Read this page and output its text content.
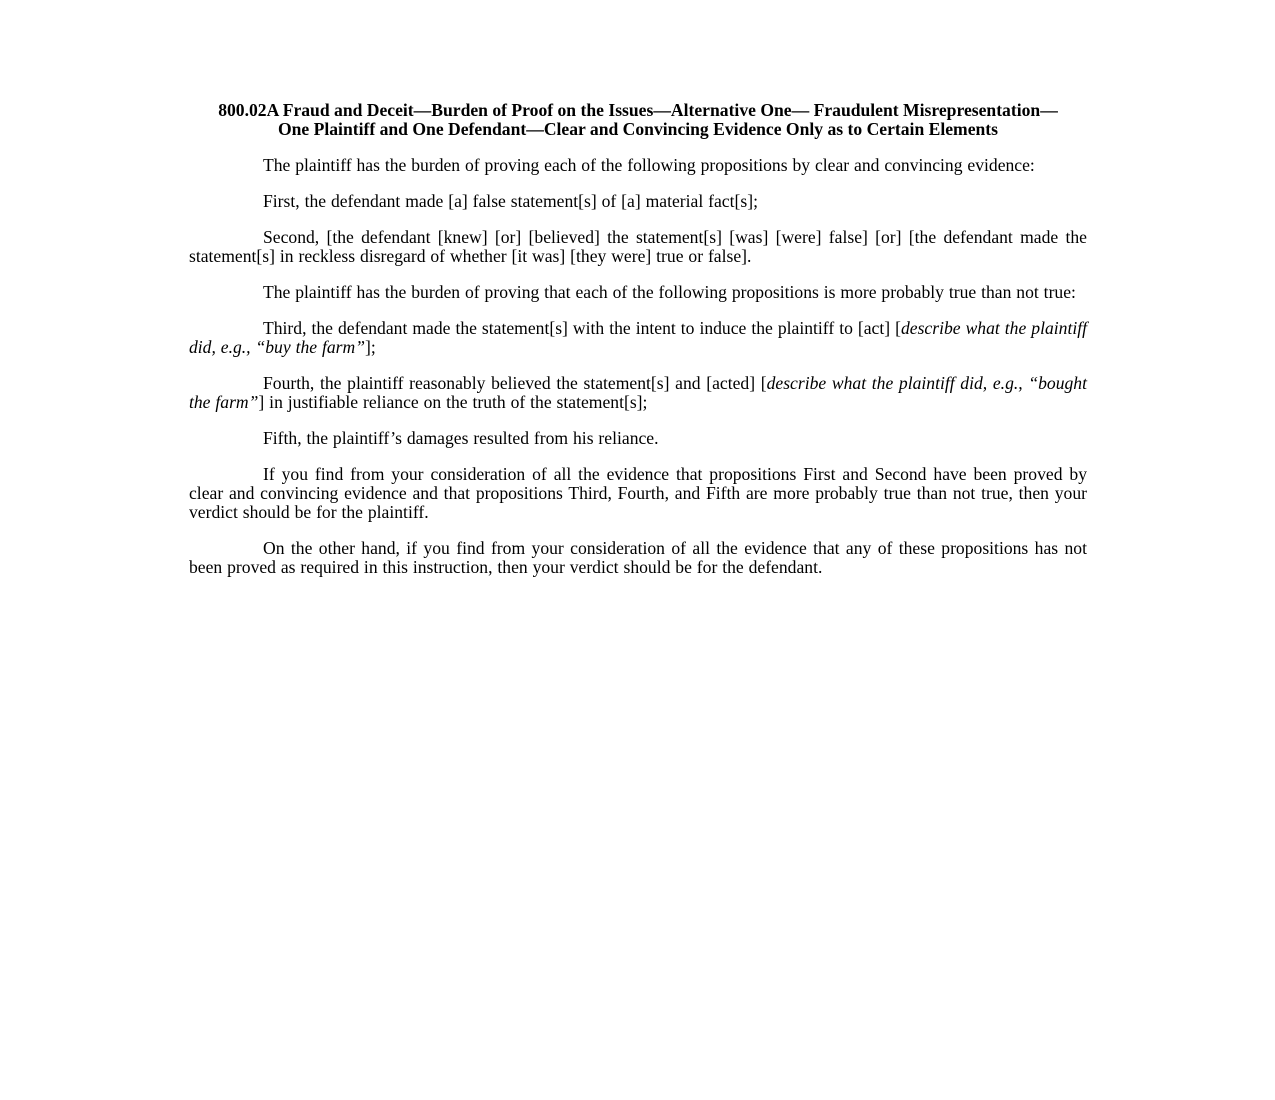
800.02A Fraud and Deceit—Burden of Proof on the Issues—Alternative One— Fraudulent Misrepresentation—One Plaintiff and One Defendant—Clear and Convincing Evidence Only as to Certain Elements

The plaintiff has the burden of proving each of the following propositions by clear and convincing evidence:

First, the defendant made [a] false statement[s] of [a] material fact[s];

Second, [the defendant [knew] [or] [believed] the statement[s] [was] [were] false] [or] [the defendant made the statement[s] in reckless disregard of whether [it was] [they were] true or false].

The plaintiff has the burden of proving that each of the following propositions is more probably true than not true:

Third, the defendant made the statement[s] with the intent to induce the plaintiff to [act] [describe what the plaintiff did, e.g., “buy the farm”];

Fourth, the plaintiff reasonably believed the statement[s] and [acted] [describe what the plaintiff did, e.g., “bought the farm”] in justifiable reliance on the truth of the statement[s];

Fifth, the plaintiff’s damages resulted from his reliance.

If you find from your consideration of all the evidence that propositions First and Second have been proved by clear and convincing evidence and that propositions Third, Fourth, and Fifth are more probably true than not true, then your verdict should be for the plaintiff.

On the other hand, if you find from your consideration of all the evidence that any of these propositions has not been proved as required in this instruction, then your verdict should be for the defendant.
